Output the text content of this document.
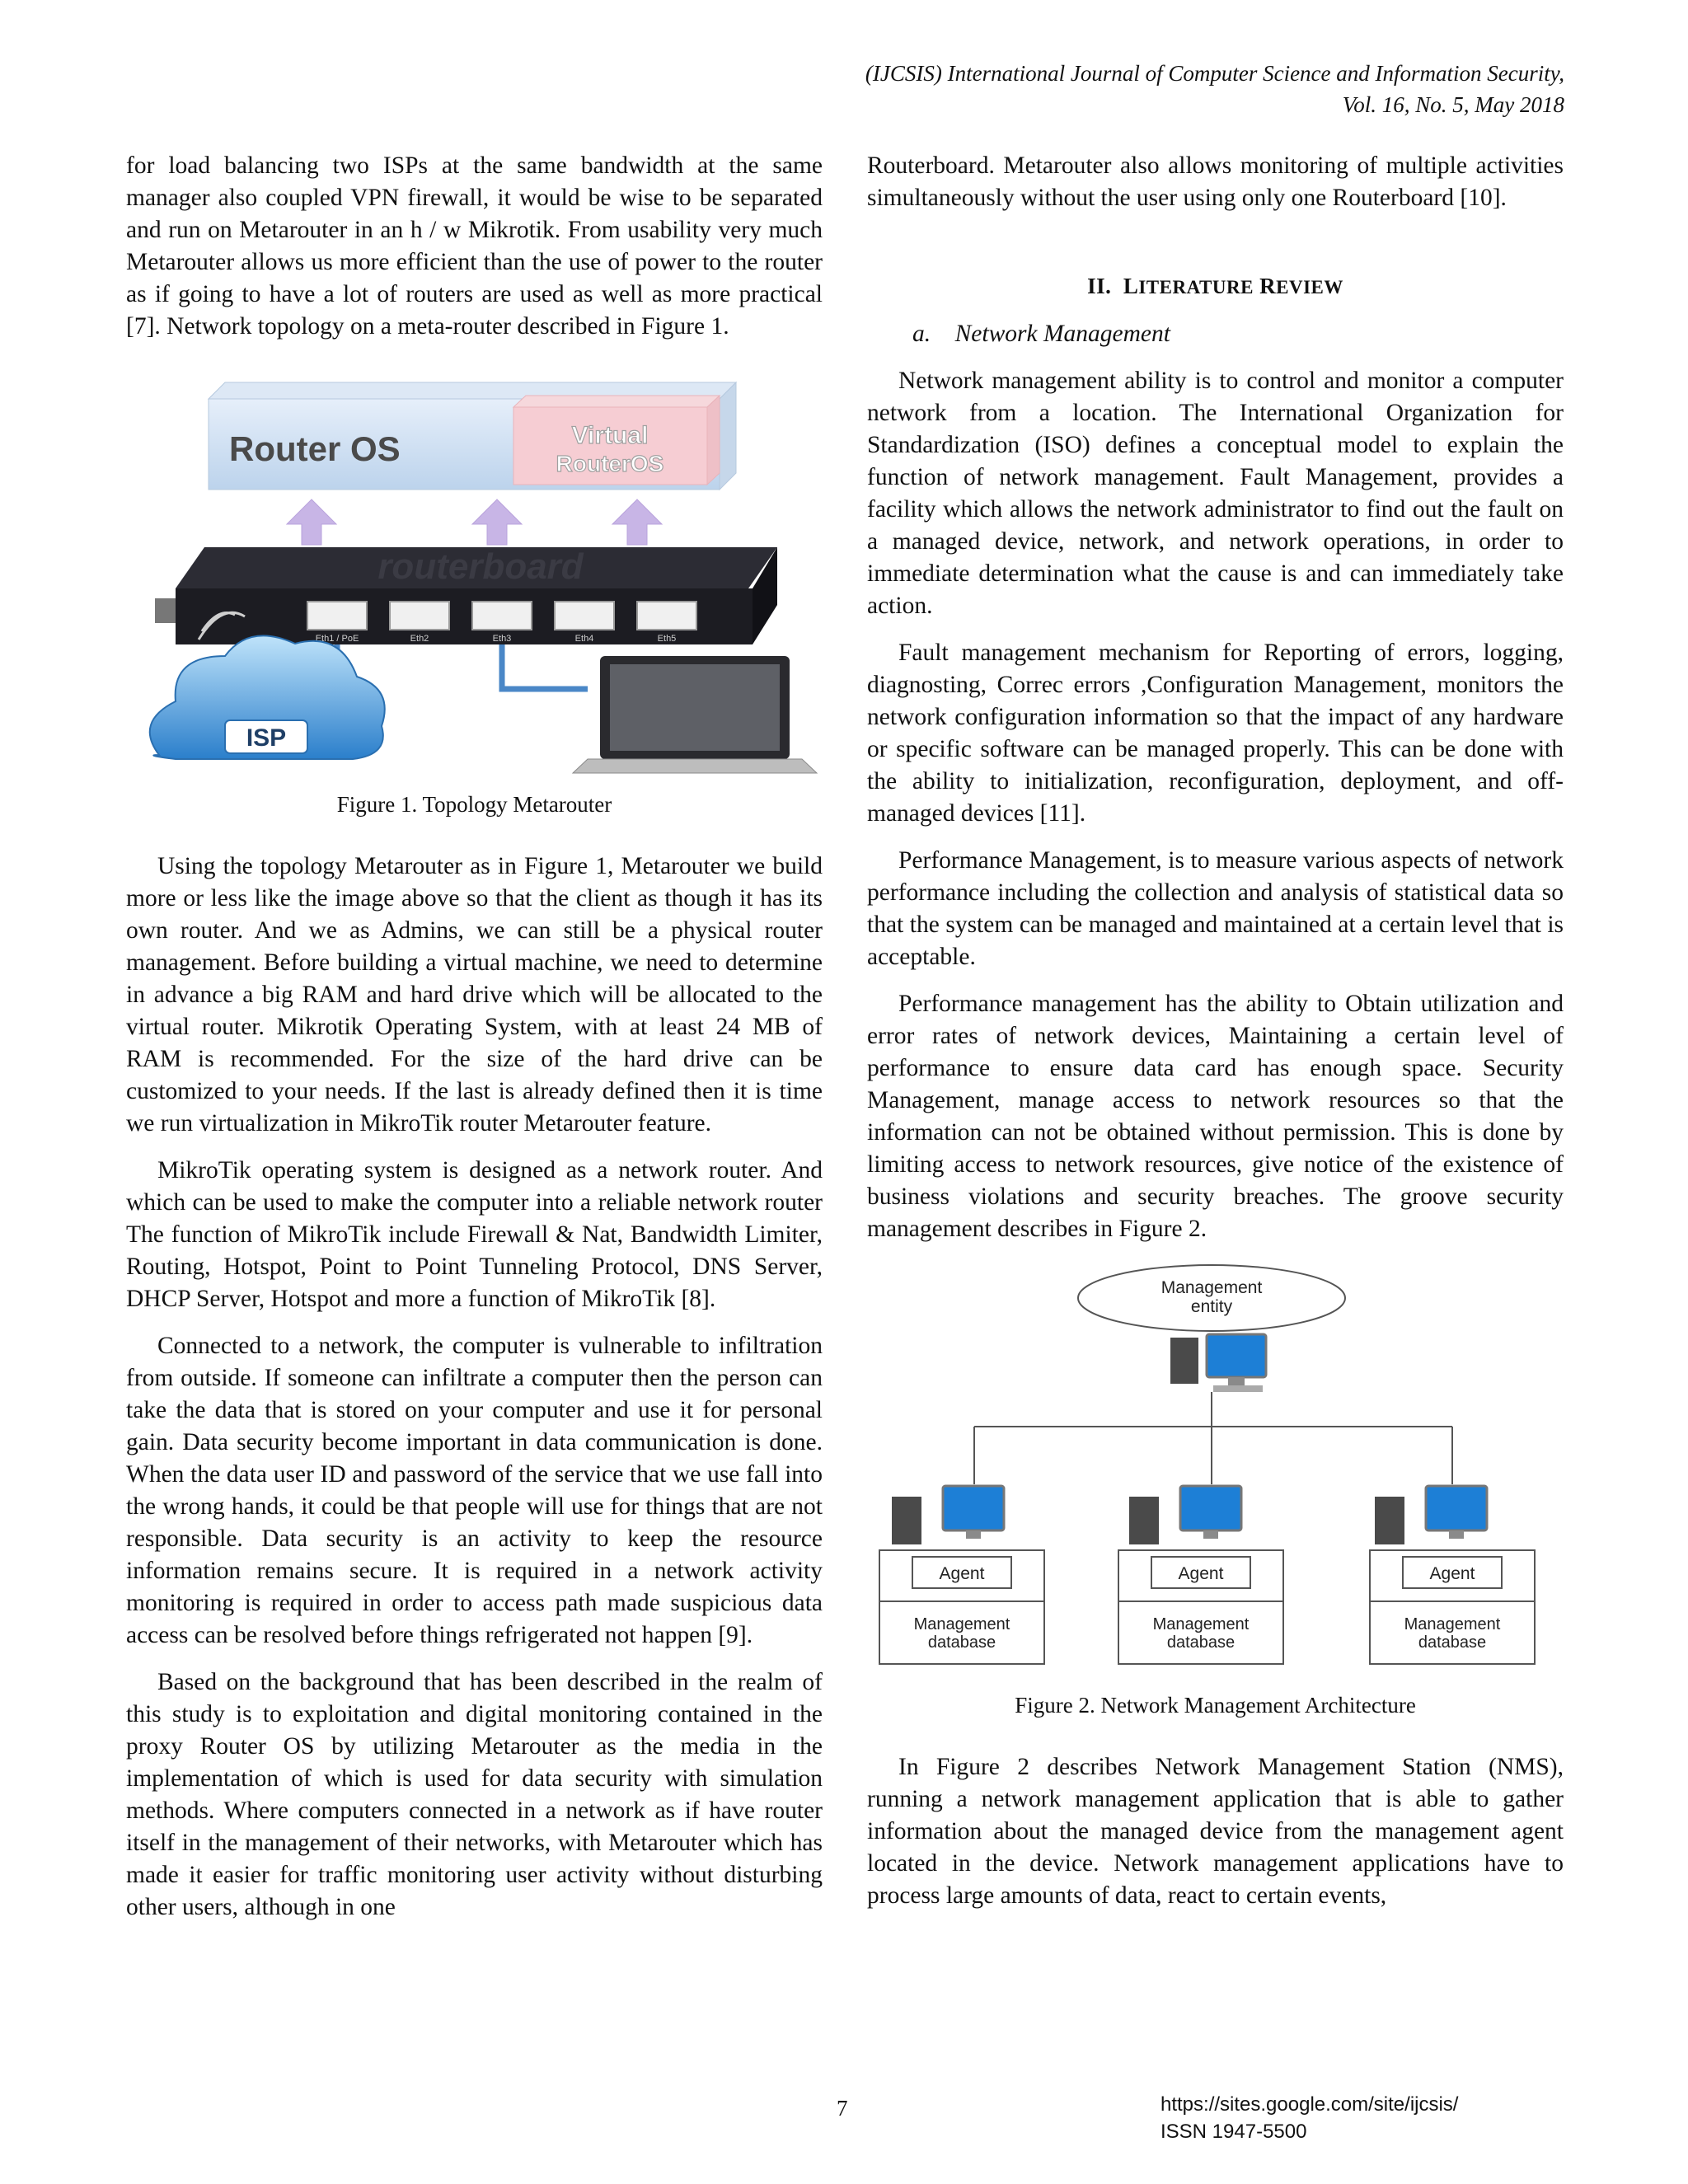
(IJCSIS) International Journal of Computer Science and Information Security,
Vol. 16, No. 5, May 2018

for load balancing two ISPs at the same bandwidth at the same manager also coupled VPN firewall, it would be wise to be separated and run on Metarouter in an h / w Mikrotik. From usability very much Metarouter allows us more efficient than the use of power to the router as if going to have a lot of routers are used as well as more practical [7]. Network topology on a meta-router described in Figure 1.

Router OS	Virtual
RouterOS
routerboard
Eth1 / PoE	Eth2	Eth3	Eth4	Eth5
ISP
Figure 1. Topology Metarouter

Using the topology Metarouter as in Figure 1, Metarouter we build more or less like the image above so that the client as though it has its own router. And we as Admins, we can still be a physical router management. Before building a virtual machine, we need to determine in advance a big RAM and hard drive which will be allocated to the virtual router. Mikrotik Operating System, with at least 24 MB of RAM is recommended. For the size of the hard drive can be customized to your needs. If the last is already defined then it is time we run virtualization in MikroTik router Metarouter feature.

MikroTik operating system is designed as a network router. And which can be used to make the computer into a reliable network router The function of MikroTik include Firewall & Nat, Bandwidth Limiter, Routing, Hotspot, Point to Point Tunneling Protocol, DNS Server, DHCP Server, Hotspot and more a function of MikroTik [8].

Connected to a network, the computer is vulnerable to infiltration from outside. If someone can infiltrate a computer then the person can take the data that is stored on your computer and use it for personal gain. Data security become important in data communication is done. When the data user ID and password of the service that we use fall into the wrong hands, it could be that people will use for things that are not responsible. Data security is an activity to keep the resource information remains secure. It is required in a network activity monitoring is required in order to access path made suspicious data access can be resolved before things refrigerated not happen [9].

Based on the background that has been described in the realm of this study is to exploitation and digital monitoring contained in the proxy Router OS by utilizing Metarouter as the media in the implementation of which is used for data security with simulation methods. Where computers connected in a network as if have router itself in the management of their networks, with Metarouter which has made it easier for traffic monitoring user activity without disturbing other users, although in one

Routerboard. Metarouter also allows monitoring of multiple activities simultaneously without the user using only one Routerboard [10].

II. LITERATURE REVIEW
a. Network Management

Network management ability is to control and monitor a computer network from a location. The International Organization for Standardization (ISO) defines a conceptual model to explain the function of network management. Fault Management, provides a facility which allows the network administrator to find out the fault on a managed device, network, and network operations, in order to immediate determination what the cause is and can immediately take action.

Fault management mechanism for Reporting of errors, logging, diagnosting, Correc errors ,Configuration Management, monitors the network configuration information so that the impact of any hardware or specific software can be managed properly. This can be done with the ability to initialization, reconfiguration, deployment, and off-managed devices [11].

Performance Management, is to measure various aspects of network performance including the collection and analysis of statistical data so that the system can be managed and maintained at a certain level that is acceptable.

Performance management has the ability to Obtain utilization and error rates of network devices, Maintaining a certain level of performance to ensure data card has enough space. Security Management, manage access to network resources so that the information can not be obtained without permission. This is done by limiting access to network resources, give notice of the existence of business violations and security breaches. The groove security management describes in Figure 2.

Management
entity
Agent
Management
database
Agent
Management
database
Agent
Management
database
Figure 2. Network Management Architecture

In Figure 2 describes Network Management Station (NMS), running a network management application that is able to gather information about the managed device from the management agent located in the device. Network management applications have to process large amounts of data, react to certain events,

7	https://sites.google.com/site/ijcsis/
ISSN 1947-5500
